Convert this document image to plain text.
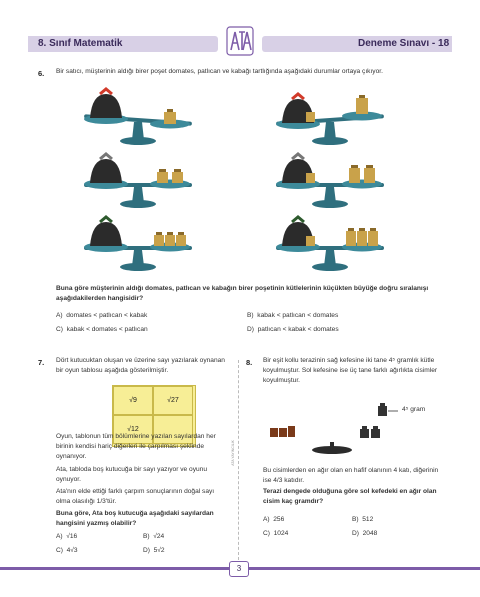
8. Sınıf Matematik	Deneme Sınavı - 18
6. Bir satıcı, müşterinin aldığı birer poşet domates, patlıcan ve kabağı tartlığında aşağıdaki durumlar ortaya çıkıyor.
Buna göre müşterinin aldığı domates, patlıcan ve kabağın birer poşetinin kütlelerinin küçükten büyüğe doğru sıralanışı aşağıdakilerden hangisidir?
A) domates < patlıcan < kabak	B) kabak < patlıcan < domates
C) kabak < domates < patlıcan	D) patlıcan < kabak < domates
ATA YAYINCILIK
7. Dört kutucuktan oluşan ve üzerine sayı yazılarak oynanan bir oyun tablosu aşağıda gösterilmiştir.
√9	√27
√12
Oyun, tablonun tüm bölümlerine yazılan sayılardan her birinin kendisi hariç diğerleri ile çarpılması şeklinde oynanıyor.
Ata, tabloda boş kutucuğa bir sayı yazıyor ve oyunu oynuyor.
Ata'nın elde ettiği farklı çarpım sonuçlarının doğal sayı olma olasılığı 1/3'tür.
Buna göre, Ata boş kutucuğa aşağıdaki sayılardan hangisini yazmış olabilir?
A) √16	B) √24
C) 4√3	D) 5√2
8. Bir eşit kollu terazinin sağ kefesine iki tane 4⁵ gramlık kütle koyulmuştur. Sol kefesine ise üç tane farklı ağırlıkta cisimler koyulmuştur.
4⁵ gram
Bu cisimlerden en ağır olan en hafif olanının 4 katı, diğerinin ise 4/3 katıdır.
Terazi dengede olduğuna göre sol kefedeki en ağır olan cisim kaç gramdır?
A) 256	B) 512
C) 1024	D) 2048
3
